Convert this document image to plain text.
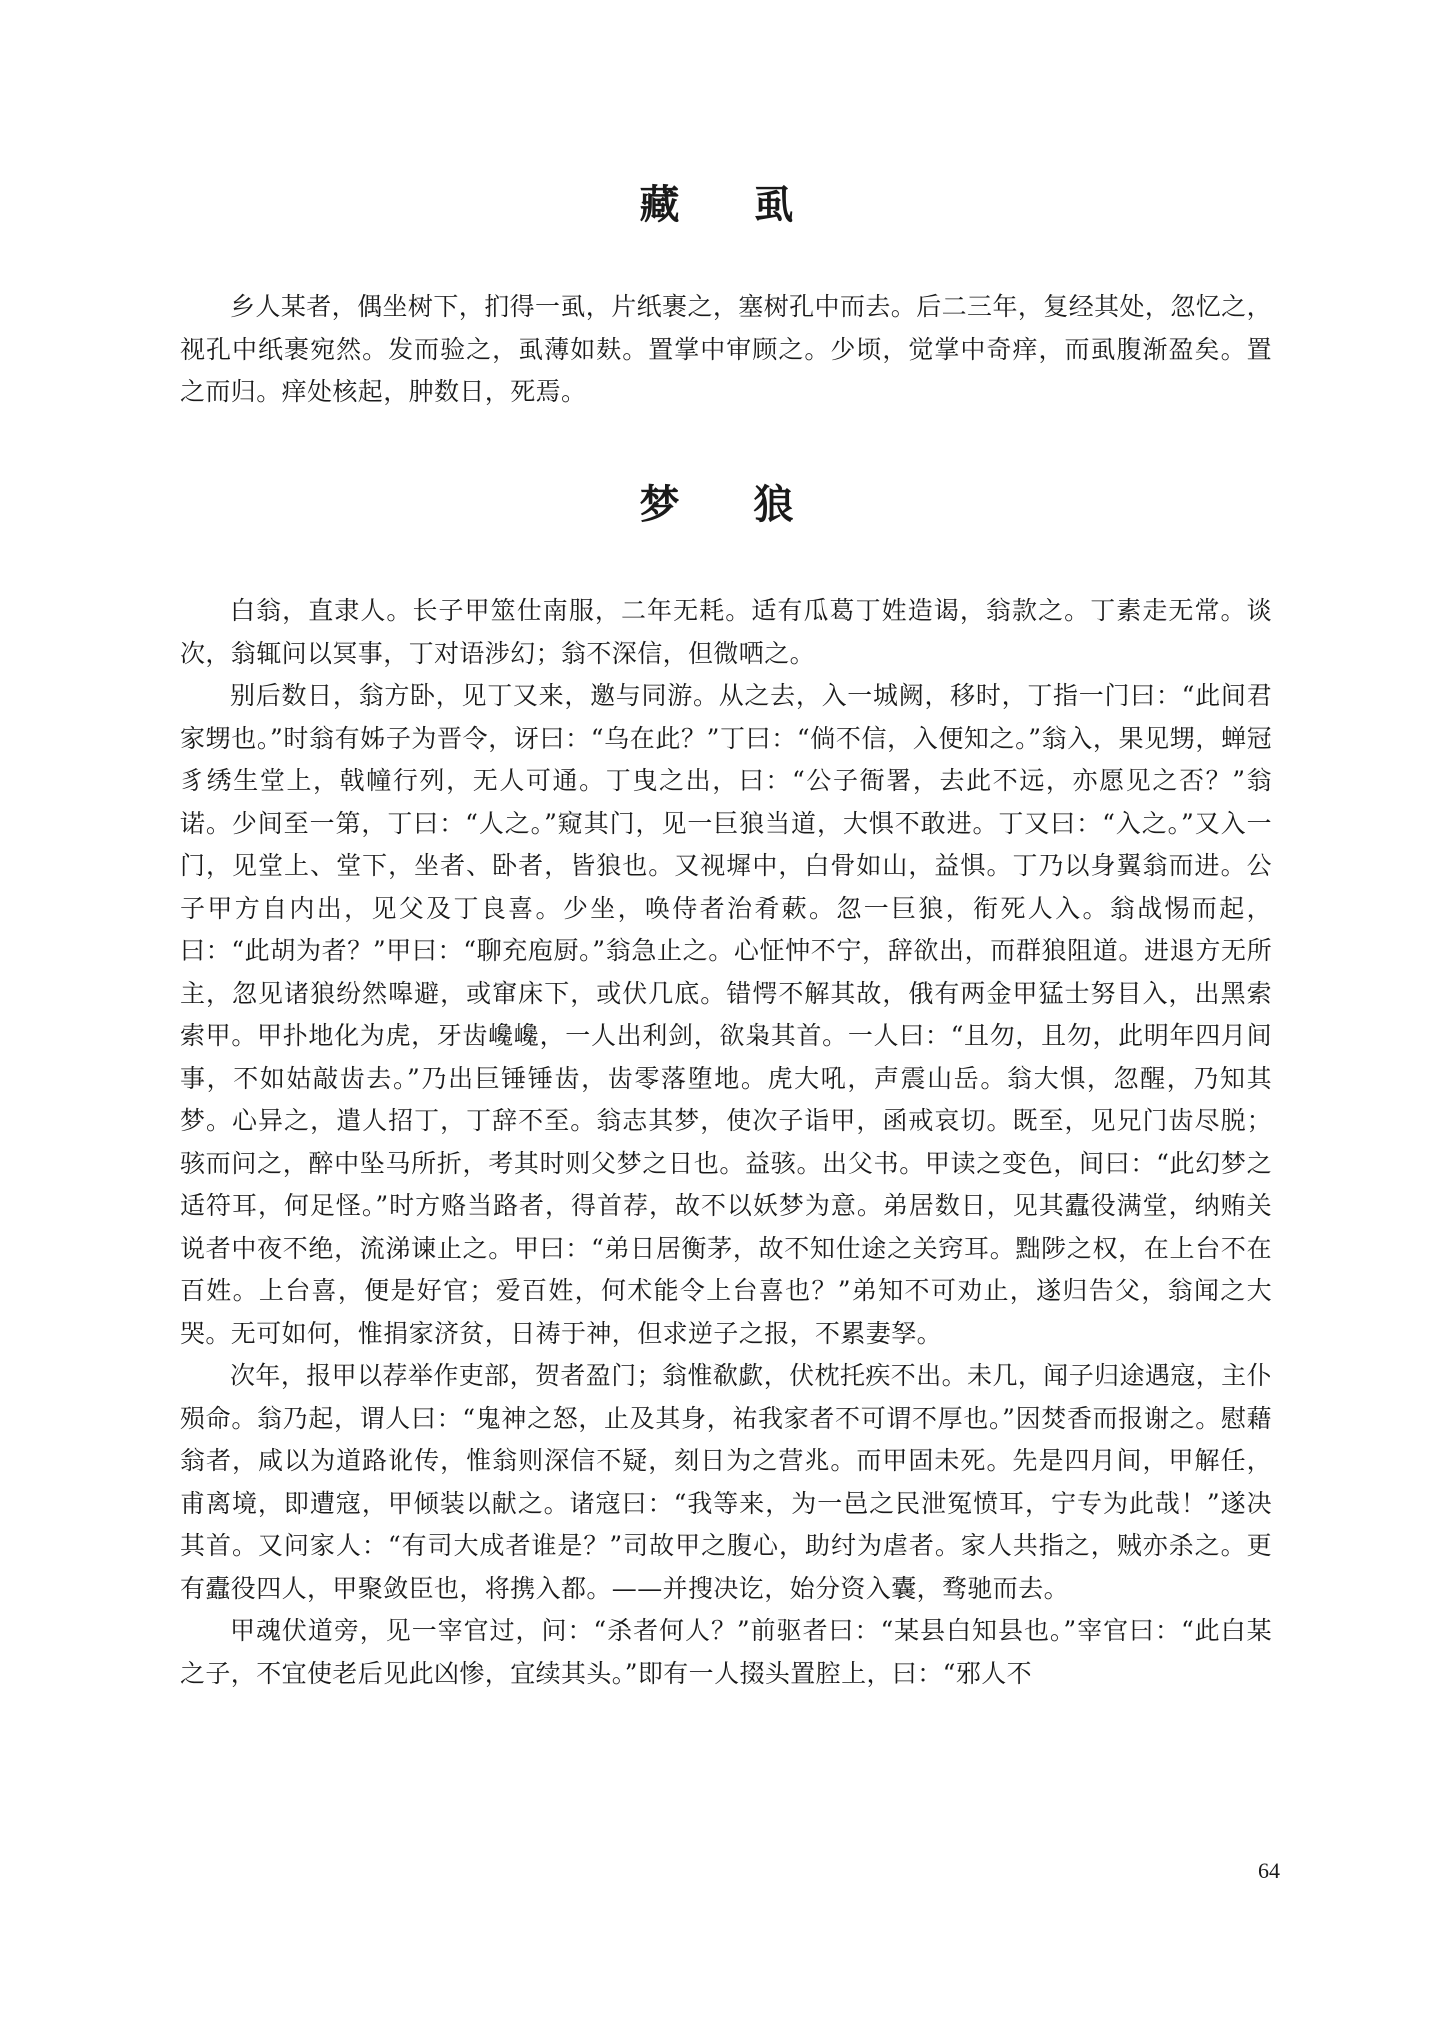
藏 虱

乡人某者，偶坐树下，扪得一虱，片纸裹之，塞树孔中而去。后二三年，复经其处，忽忆之，视孔中纸裹宛然。发而验之，虱薄如麸。置掌中审顾之。少顷，觉掌中奇痒，而虱腹渐盈矣。置之而归。痒处核起，肿数日，死焉。

梦 狼

白翁，直隶人。长子甲筮仕南服，二年无耗。适有瓜葛丁姓造谒，翁款之。丁素走无常。谈次，翁辄问以冥事，丁对语涉幻；翁不深信，但微哂之。

别后数日，翁方卧，见丁又来，邀与同游。从之去，入一城阙，移时，丁指一门曰：“此间君家甥也。”时翁有姊子为晋令，讶曰：“乌在此？”丁曰：“倘不信，入便知之。”翁入，果见甥，蝉冠豸绣生堂上，戟幢行列，无人可通。丁曳之出，曰：“公子衙署，去此不远，亦愿见之否？”翁诺。少间至一第，丁曰：“人之。”窥其门，见一巨狼当道，大惧不敢进。丁又曰：“入之。”又入一门，见堂上、堂下，坐者、卧者，皆狼也。又视墀中，白骨如山，益惧。丁乃以身翼翁而进。公子甲方自内出，见父及丁良喜。少坐，唤侍者治肴蔌。忽一巨狼，衔死人入。翁战惕而起，曰：“此胡为者？”甲曰：“聊充庖厨。”翁急止之。心怔忡不宁，辞欲出，而群狼阻道。进退方无所主，忽见诸狼纷然嗥避，或窜床下，或伏几底。错愕不解其故，俄有两金甲猛士努目入，出黑索索甲。甲扑地化为虎，牙齿巉巉，一人出利剑，欲枭其首。一人曰：“且勿，且勿，此明年四月间事，不如姑敲齿去。”乃出巨锤锤齿，齿零落堕地。虎大吼，声震山岳。翁大惧，忽醒，乃知其梦。心异之，遣人招丁，丁辞不至。翁志其梦，使次子诣甲，函戒哀切。既至，见兄门齿尽脱；骇而问之，醉中坠马所折，考其时则父梦之日也。益骇。出父书。甲读之变色，间曰：“此幻梦之适符耳，何足怪。”时方赂当路者，得首荐，故不以妖梦为意。弟居数日，见其蠹役满堂，纳贿关说者中夜不绝，流涕谏止之。甲曰：“弟日居衡茅，故不知仕途之关窍耳。黜陟之权，在上台不在百姓。上台喜，便是好官；爱百姓，何术能令上台喜也？”弟知不可劝止，遂归告父，翁闻之大哭。无可如何，惟捐家济贫，日祷于神，但求逆子之报，不累妻孥。

次年，报甲以荐举作吏部，贺者盈门；翁惟欷歔，伏枕托疾不出。未几，闻子归途遇寇，主仆殒命。翁乃起，谓人曰：“鬼神之怒，止及其身，祐我家者不可谓不厚也。”因焚香而报谢之。慰藉翁者，咸以为道路讹传，惟翁则深信不疑，刻日为之营兆。而甲固未死。先是四月间，甲解任，甫离境，即遭寇，甲倾装以献之。诸寇曰：“我等来，为一邑之民泄冤愤耳，宁专为此哉！”遂决其首。又问家人：“有司大成者谁是？”司故甲之腹心，助纣为虐者。家人共指之，贼亦杀之。更有蠹役四人，甲聚敛臣也，将携入都。——并搜决讫，始分资入囊，骛驰而去。

甲魂伏道旁，见一宰官过，问：“杀者何人？”前驱者曰：“某县白知县也。”宰官曰：“此白某之子，不宜使老后见此凶惨，宜续其头。”即有一人掇头置腔上，曰：“邪人不

64
